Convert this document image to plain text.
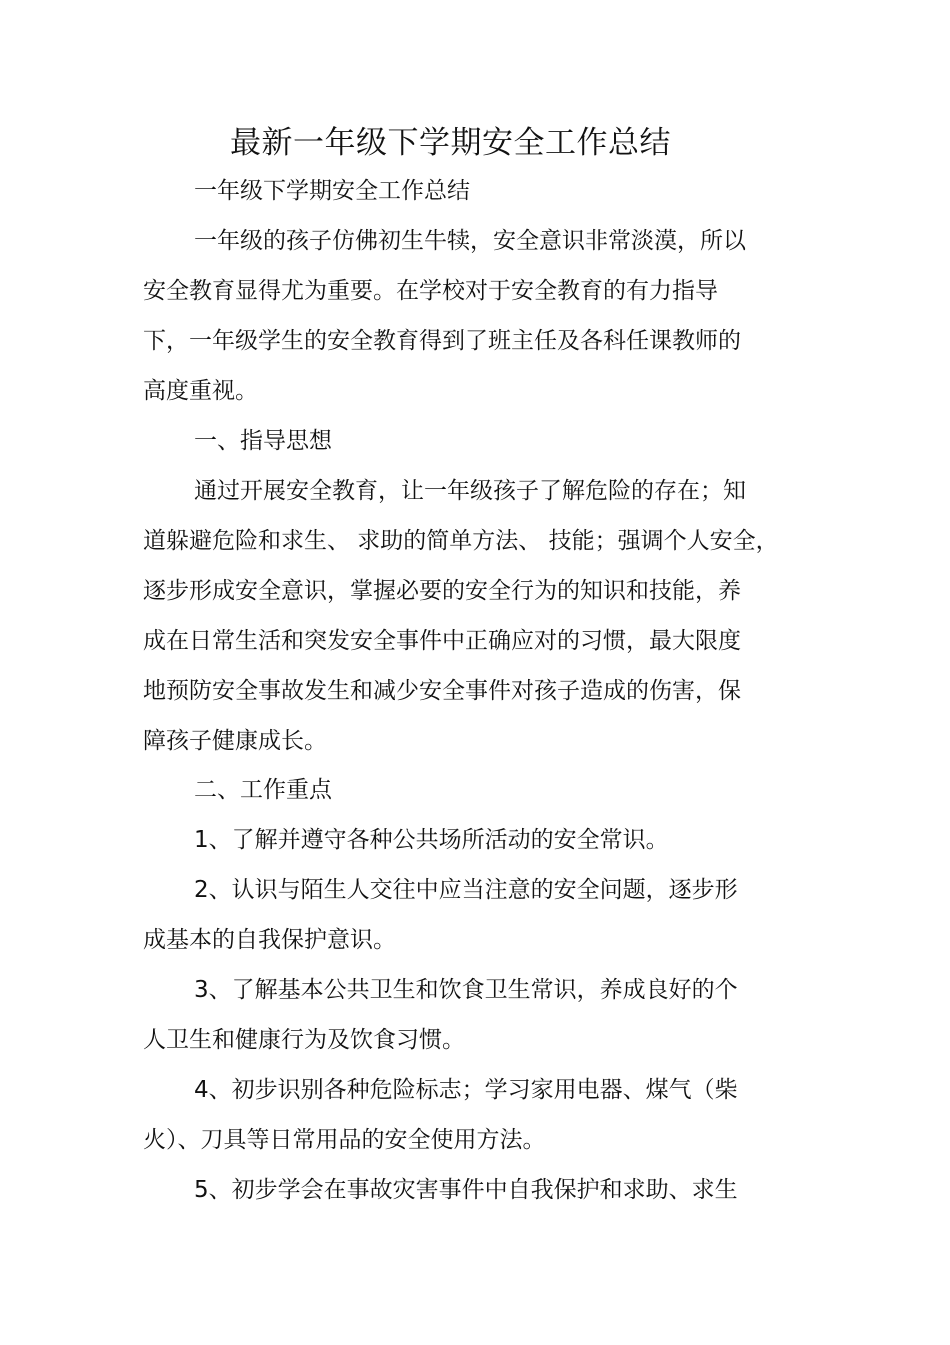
最新一年级下学期安全工作总结
一年级下学期安全工作总结
一年级的孩子仿佛初生牛犊，安全意识非常淡漠，所以
安全教育显得尤为重要。在学校对于安全教育的有力指导
下，一年级学生的安全教育得到了班主任及各科任课教师的
高度重视。
一、指导思想
通过开展安全教育，让一年级孩子了解危险的存在；知
道躲避危险和求生、 求助的简单方法、 技能；强调个人安全，
逐步形成安全意识，掌握必要的安全行为的知识和技能，养
成在日常生活和突发安全事件中正确应对的习惯，最大限度
地预防安全事故发生和减少安全事件对孩子造成的伤害，保
障孩子健康成长。
二、工作重点
1、了解并遵守各种公共场所活动的安全常识。
2、认识与陌生人交往中应当注意的安全问题，逐步形
成基本的自我保护意识。
3、了解基本公共卫生和饮食卫生常识，养成良好的个
人卫生和健康行为及饮食习惯。
4、初步识别各种危险标志；学习家用电器、煤气（柴
火）、刀具等日常用品的安全使用方法。
5、初步学会在事故灾害事件中自我保护和求助、求生
